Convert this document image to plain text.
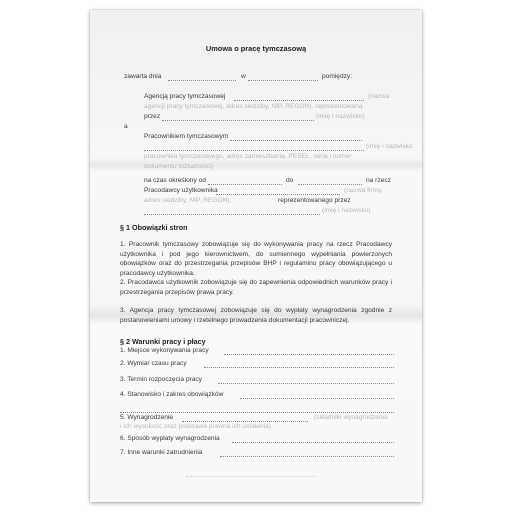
Umowa o pracę tymczasową
zawarta dnia	w	pomiędzy:
Agencją pracy tymczasowej	(nazwa
agencji pracy tymczasowej, adres siedziby, NIP, REGON), reprezentowaną
przez	(imię i nazwisko)
a
Pracownikiem tymczasowym
(imię i nazwisko
pracownika tymczasowego, adres zamieszkania, PESEL, seria i numer
dokumentu tożsamości)
na czas określony od	do	na rzecz
Pracodawcy użytkownika	(nazwa firmy,
adres siedziby, NIP, REGON),	reprezentowanego przez
(imię i nazwisko)
§ 1 Obowiązki stron
1. Pracownik tymczasowy zobowiązuje się do wykonywania pracy na rzecz Pracodawcy użytkownika i pod jego kierownictwem, do sumiennego wypełniania powierzonych obowiązków oraz do przestrzegania przepisów BHP i regulaminu pracy obowiązującego u pracodawcy użytkownika.
2. Pracodawca użytkownik zobowiązuje się do zapewnienia odpowiednich warunków pracy i przestrzegania przepisów prawa pracy.
3. Agencja pracy tymczasowej zobowiązuje się do wypłaty wynagrodzenia zgodnie z postanowieniami umowy i rzetelnego prowadzenia dokumentacji pracowniczej.
§ 2 Warunki pracy i płacy
1. Miejsce wykonywania pracy
2. Wymiar czasu pracy
3. Termin rozpoczęcia pracy
4. Stanowisko i zakres obowiązków
5. Wynagrodzenie	(składniki wynagrodzenia
i ich wysokość oraz podstawa prawna ich ustalenia)
6. Sposób wypłaty wynagrodzenia
7. Inne warunki zatrudnienia
